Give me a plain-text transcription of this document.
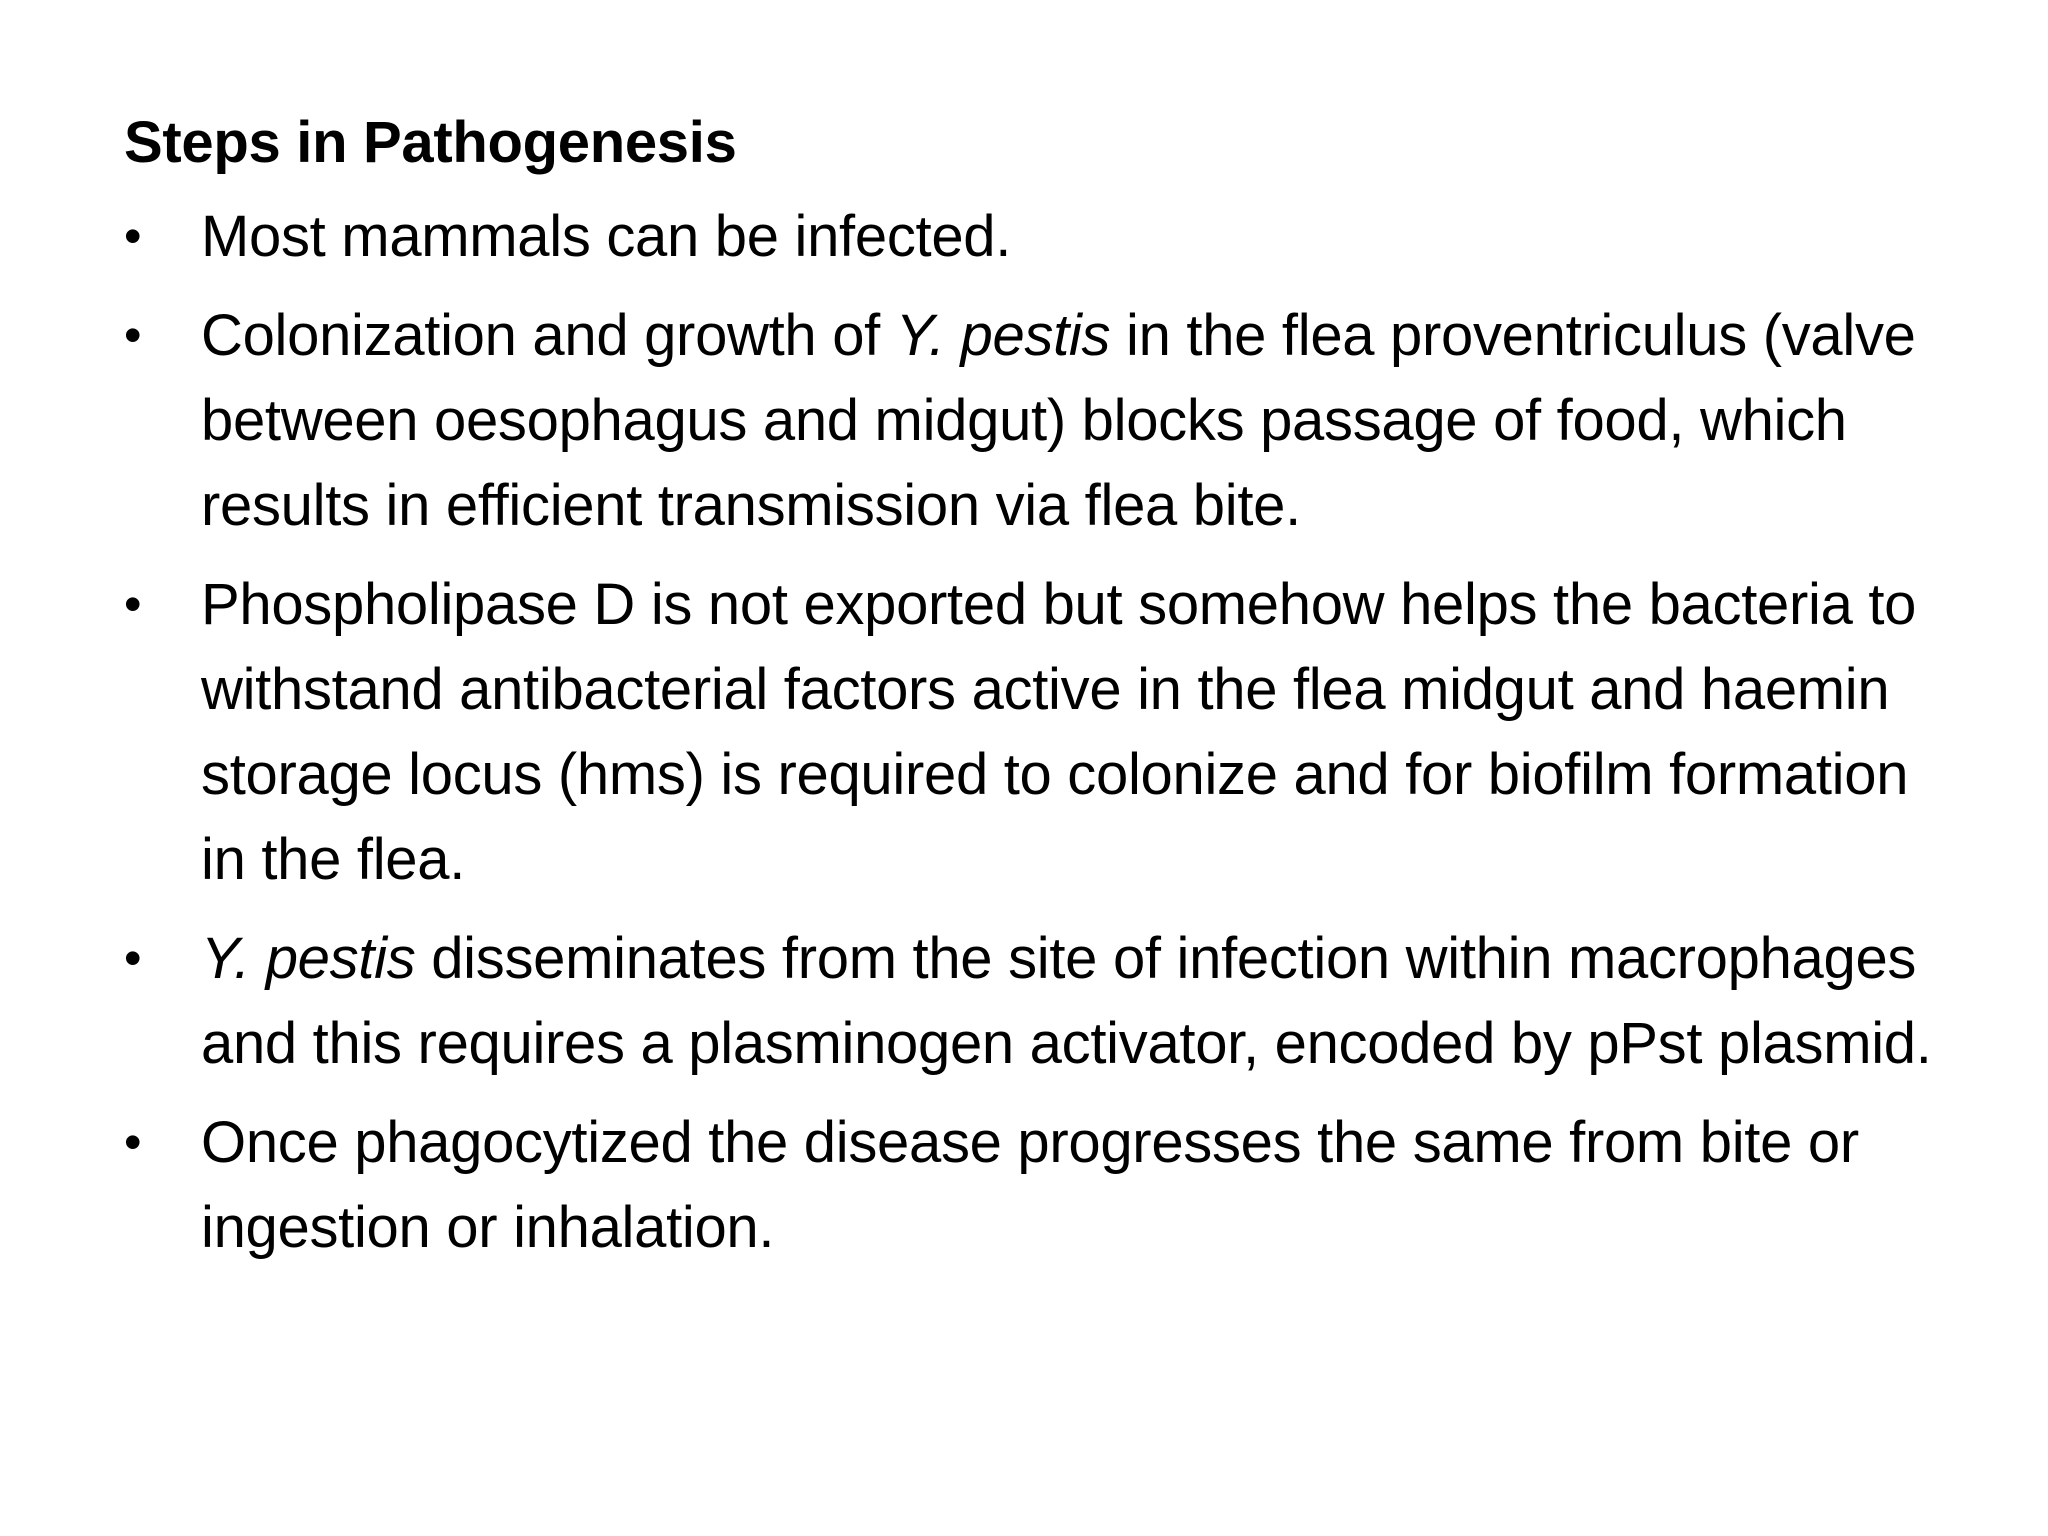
Steps in Pathogenesis
• Most mammals can be infected.
• Colonization and growth of Y. pestis in the flea proventriculus (valve between oesophagus and midgut) blocks passage of food, which results in efficient transmission via flea bite.
• Phospholipase D is not exported but somehow helps the bacteria to withstand antibacterial factors active in the flea midgut and haemin storage locus (hms) is required to colonize and for biofilm formation in the flea.
• Y. pestis disseminates from the site of infection within macrophages and this requires a plasminogen activator, encoded by pPst plasmid.
• Once phagocytized the disease progresses the same from bite or ingestion or inhalation.
